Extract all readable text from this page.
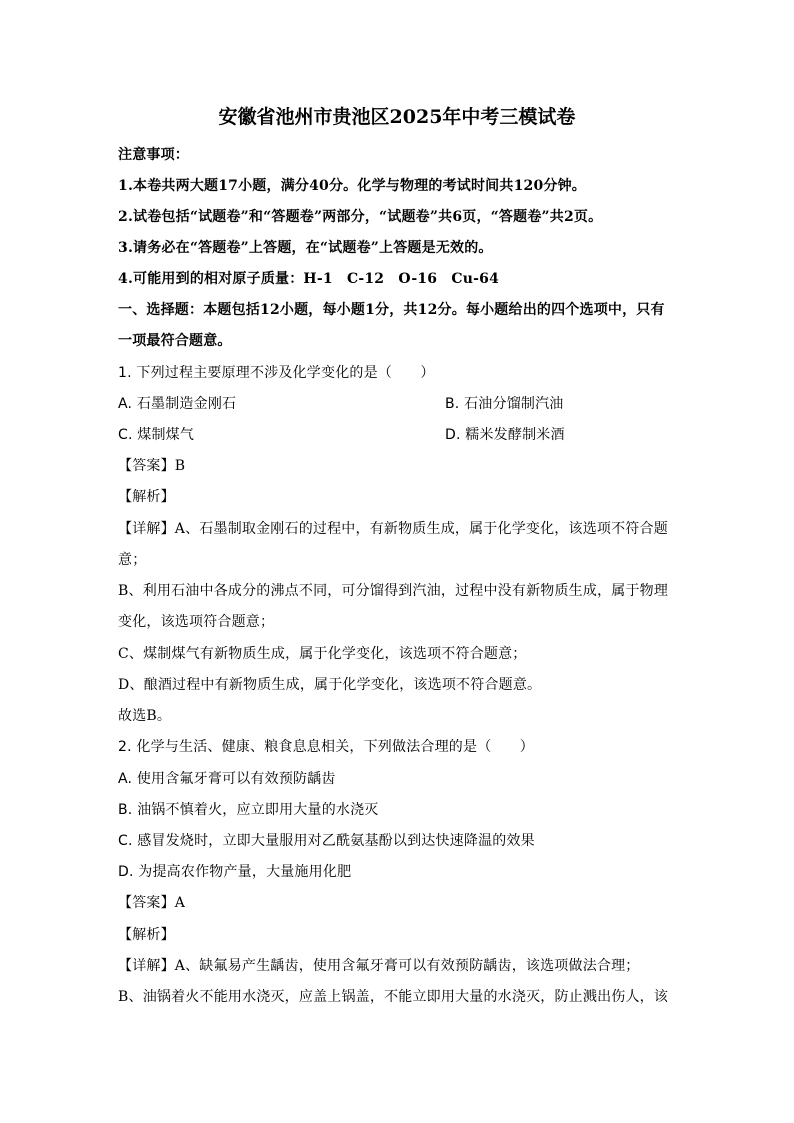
安徽省池州市贵池区2025年中考三模试卷
注意事项：
1.本卷共两大题17小题，满分40分。化学与物理的考试时间共120分钟。
2.试卷包括“试题卷”和“答题卷”两部分，“试题卷”共6页，“答题卷”共2页。
3.请务必在“答题卷”上答题，在“试题卷”上答题是无效的。
4.可能用到的相对原子质量：H-1　C-12　O-16　Cu-64
一、选择题：本题包括12小题，每小题1分，共12分。每小题给出的四个选项中，只有
一项最符合题意。
1. 下列过程主要原理不涉及化学变化的是（　　）
A. 石墨制造金刚石	B. 石油分馏制汽油
C. 煤制煤气	D. 糯米发酵制米酒
【答案】B
【解析】
【详解】A、石墨制取金刚石的过程中，有新物质生成，属于化学变化，该选项不符合题
意；
B、利用石油中各成分的沸点不同，可分馏得到汽油，过程中没有新物质生成，属于物理
变化，该选项符合题意；
C、煤制煤气有新物质生成，属于化学变化，该选项不符合题意；
D、酿酒过程中有新物质生成，属于化学变化，该选项不符合题意。
故选B。
2. 化学与生活、健康、粮食息息相关，下列做法合理的是（　　）
A. 使用含氟牙膏可以有效预防龋齿
B. 油锅不慎着火，应立即用大量的水浇灭
C. 感冒发烧时，立即大量服用对乙酰氨基酚以到达快速降温的效果
D. 为提高农作物产量，大量施用化肥
【答案】A
【解析】
【详解】A、缺氟易产生龋齿，使用含氟牙膏可以有效预防龋齿，该选项做法合理；
B、油锅着火不能用水浇灭，应盖上锅盖，不能立即用大量的水浇灭，防止溅出伤人，该
